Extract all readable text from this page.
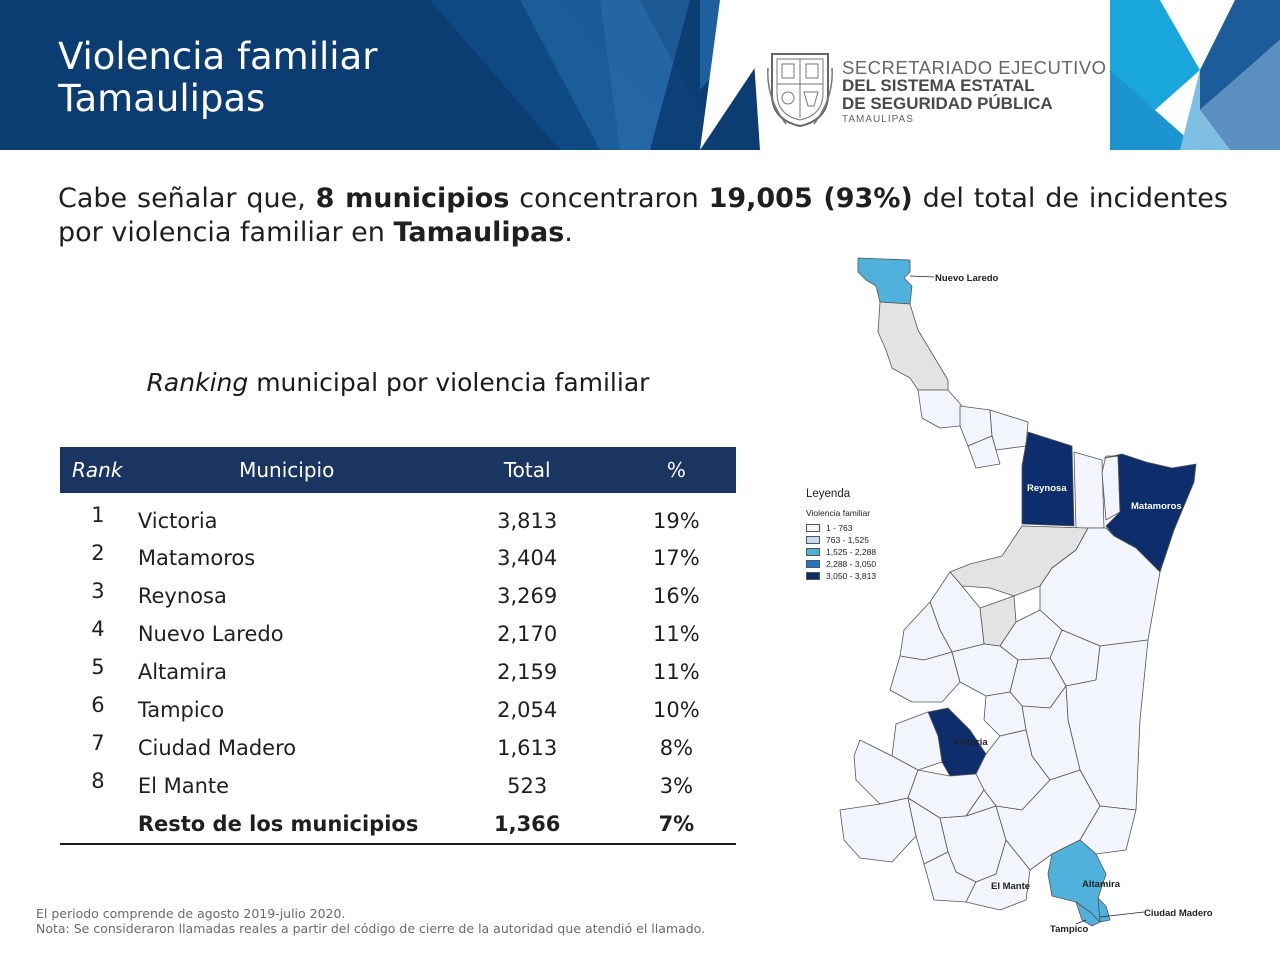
Violencia familiar
Tamaulipas
SECRETARIADO EJECUTIVO
DEL SISTEMA ESTATAL
DE SEGURIDAD PÚBLICA
TAMAULIPAS
Cabe señalar que, 8 municipios concentraron 19,005 (93%) del total de incidentes por violencia familiar en Tamaulipas.
Ranking municipal por violencia familiar
Rank	Municipio	Total	%
1	Victoria	3,813	19%
2	Matamoros	3,404	17%
3	Reynosa	3,269	16%
4	Nuevo Laredo	2,170	11%
5	Altamira	2,159	11%
6	Tampico	2,054	10%
7	Ciudad Madero	1,613	8%
8	El Mante	523	3%
	Resto de los municipios	1,366	7%
Nuevo Laredo
Reynosa
Matamoros
Victoria
El Mante	Altamira
Ciudad Madero
Tampico
Leyenda
Violencia familiar
1 - 763
763 - 1,525
1,525 - 2,288
2,288 - 3,050
3,050 - 3,813
El periodo comprende de agosto 2019-julio 2020.
Nota: Se consideraron llamadas reales a partir del código de cierre de la autoridad que atendió el llamado.
